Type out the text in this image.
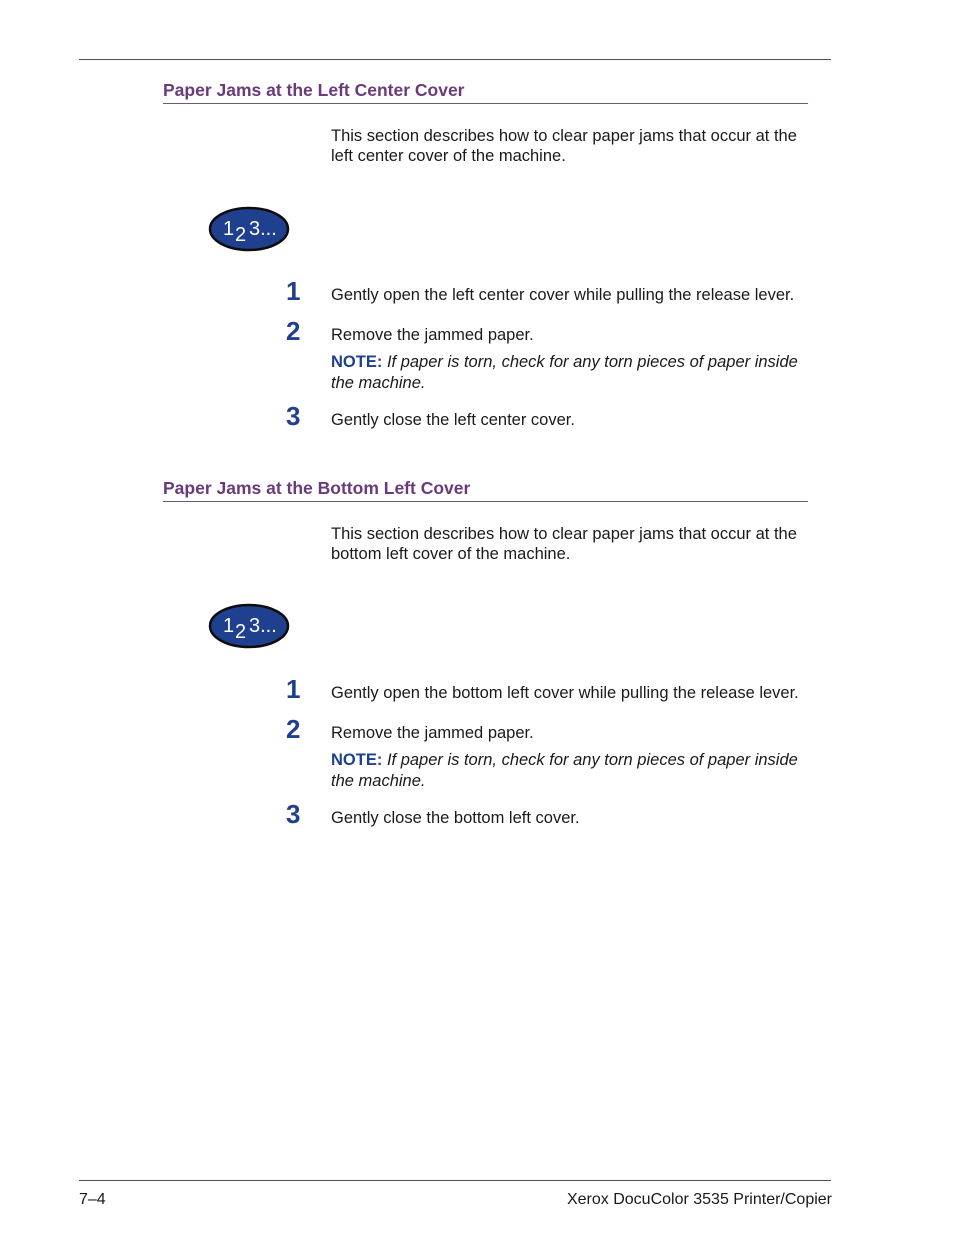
Paper Jams at the Left Center Cover
This section describes how to clear paper jams that occur at the
left center cover of the machine.
1 2 3...
1	Gently open the left center cover while pulling the release lever.
2	Remove the jammed paper.
NOTE: If paper is torn, check for any torn pieces of paper inside
the machine.
3	Gently close the left center cover.
Paper Jams at the Bottom Left Cover
This section describes how to clear paper jams that occur at the
bottom left cover of the machine.
1 2 3...
1	Gently open the bottom left cover while pulling the release lever.
2	Remove the jammed paper.
NOTE: If paper is torn, check for any torn pieces of paper inside
the machine.
3	Gently close the bottom left cover.
7–4	Xerox DocuColor 3535 Printer/Copier
